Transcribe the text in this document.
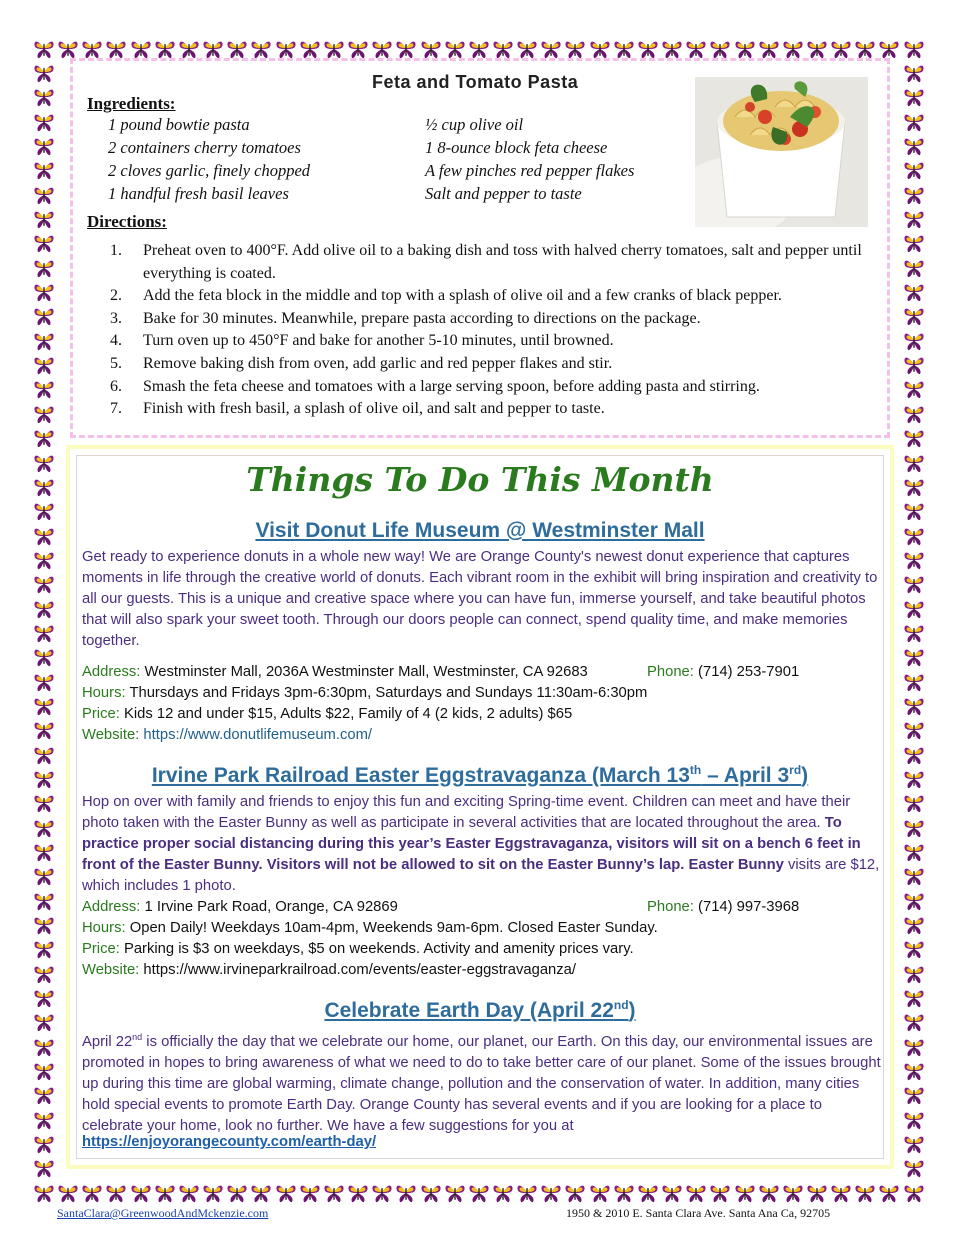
Feta and Tomato Pasta
Ingredients:
1 pound bowtie pasta
2 containers cherry tomatoes
2 cloves garlic, finely chopped
1 handful fresh basil leaves
½ cup olive oil
1 8-ounce block feta cheese
A few pinches red pepper flakes
Salt and pepper to taste
Directions:
1.	Preheat oven to 400°F. Add olive oil to a baking dish and toss with halved cherry tomatoes, salt and pepper until everything is coated.
2.	Add the feta block in the middle and top with a splash of olive oil and a few cranks of black pepper.
3.	Bake for 30 minutes. Meanwhile, prepare pasta according to directions on the package.
4.	Turn oven up to 450°F and bake for another 5-10 minutes, until browned.
5.	Remove baking dish from oven, add garlic and red pepper flakes and stir.
6.	Smash the feta cheese and tomatoes with a large serving spoon, before adding pasta and stirring.
7.	Finish with fresh basil, a splash of olive oil, and salt and pepper to taste.
Things To Do This Month
Visit Donut Life Museum @ Westminster Mall
Get ready to experience donuts in a whole new way! We are Orange County's newest donut experience that captures moments in life through the creative world of donuts. Each vibrant room in the exhibit will bring inspiration and creativity to all our guests. This is a unique and creative space where you can have fun, immerse yourself, and take beautiful photos that will also spark your sweet tooth. Through our doors people can connect, spend quality time, and make memories together.
Address: Westminster Mall, 2036A Westminster Mall, Westminster, CA 92683	Phone: (714) 253-7901
Hours: Thursdays and Fridays 3pm-6:30pm, Saturdays and Sundays 11:30am-6:30pm
Price: Kids 12 and under $15, Adults $22, Family of 4 (2 kids, 2 adults) $65
Website: https://www.donutlifemuseum.com/
Irvine Park Railroad Easter Eggstravaganza (March 13th – April 3rd)
Hop on over with family and friends to enjoy this fun and exciting Spring-time event. Children can meet and have their photo taken with the Easter Bunny as well as participate in several activities that are located throughout the area. To practice proper social distancing during this year’s Easter Eggstravaganza, visitors will sit on a bench 6 feet in front of the Easter Bunny. Visitors will not be allowed to sit on the Easter Bunny’s lap. Easter Bunny visits are $12, which includes 1 photo.
Address: 1 Irvine Park Road, Orange, CA 92869	Phone: (714) 997-3968
Hours: Open Daily! Weekdays 10am-4pm, Weekends 9am-6pm. Closed Easter Sunday.
Price: Parking is $3 on weekdays, $5 on weekends. Activity and amenity prices vary.
Website: https://www.irvineparkrailroad.com/events/easter-eggstravaganza/
Celebrate Earth Day (April 22nd)
April 22nd is officially the day that we celebrate our home, our planet, our Earth. On this day, our environmental issues are promoted in hopes to bring awareness of what we need to do to take better care of our planet. Some of the issues brought up during this time are global warming, climate change, pollution and the conservation of water. In addition, many cities hold special events to promote Earth Day. Orange County has several events and if you are looking for a place to celebrate your home, look no further. We have a few suggestions for you at
https://enjoyorangecounty.com/earth-day/
SantaClara@GreenwoodAndMckenzie.com	1950 & 2010 E. Santa Clara Ave. Santa Ana Ca, 92705
